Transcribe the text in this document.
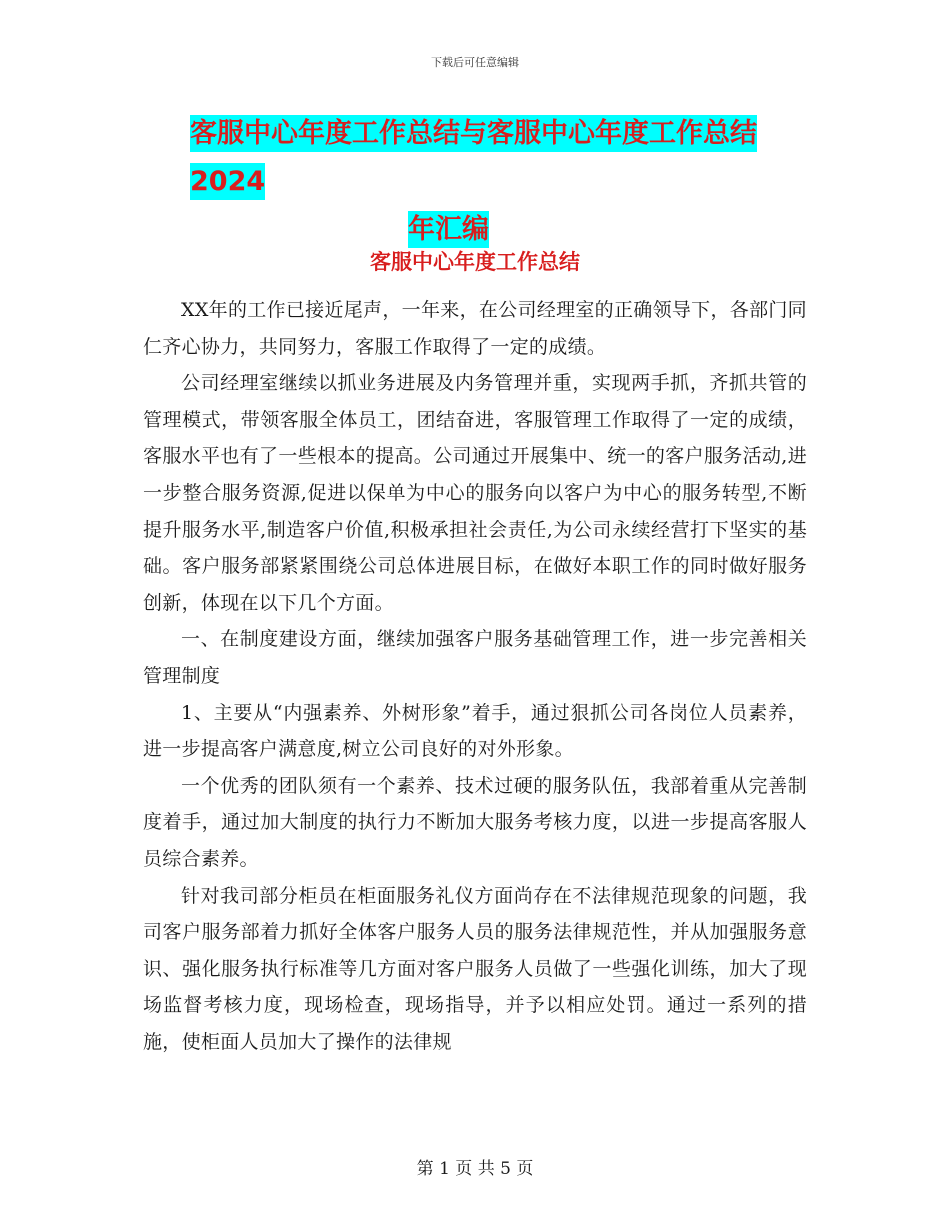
下载后可任意编辑
客服中心年度工作总结与客服中心年度工作总结2024
年汇编
客服中心年度工作总结

XX年的工作已接近尾声，一年来，在公司经理室的正确领导下，各部门同仁齐心协力，共同努力，客服工作取得了一定的成绩。

公司经理室继续以抓业务进展及内务管理并重，实现两手抓，齐抓共管的管理模式，带领客服全体员工，团结奋进，客服管理工作取得了一定的成绩，客服水平也有了一些根本的提高。公司通过开展集中、统一的客户服务活动,进一步整合服务资源,促进以保单为中心的服务向以客户为中心的服务转型,不断提升服务水平,制造客户价值,积极承担社会责任,为公司永续经营打下坚实的基础。客户服务部紧紧围绕公司总体进展目标，在做好本职工作的同时做好服务创新，体现在以下几个方面。

一、在制度建设方面，继续加强客户服务基础管理工作，进一步完善相关管理制度

1、主要从“内强素养、外树形象”着手，通过狠抓公司各岗位人员素养，进一步提高客户满意度,树立公司良好的对外形象。

一个优秀的团队须有一个素养、技术过硬的服务队伍，我部着重从完善制度着手，通过加大制度的执行力不断加大服务考核力度，以进一步提高客服人员综合素养。

针对我司部分柜员在柜面服务礼仪方面尚存在不法律规范现象的问题，我司客户服务部着力抓好全体客户服务人员的服务法律规范性，并从加强服务意识、强化服务执行标准等几方面对客户服务人员做了一些强化训练，加大了现场监督考核力度，现场检查，现场指导，并予以相应处罚。通过一系列的措施，使柜面人员加大了操作的法律规

第 1 页 共 5 页
